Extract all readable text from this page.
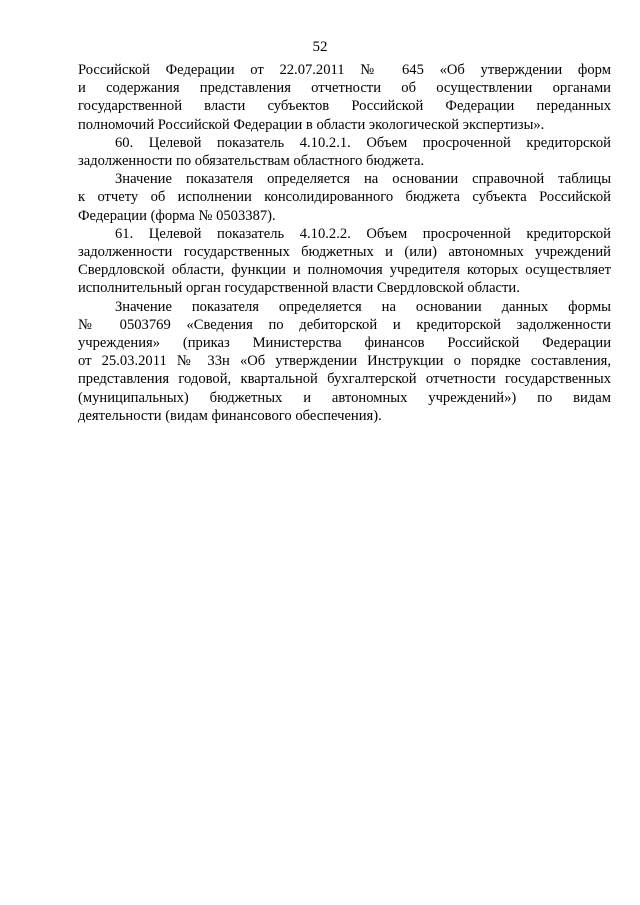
52

Российской Федерации от 22.07.2011 № 645 «Об утверждении форм
и содержания представления отчетности об осуществлении органами
государственной власти субъектов Российской Федерации переданных
полномочий Российской Федерации в области экологической экспертизы».

60. Целевой показатель 4.10.2.1. Объем просроченной кредиторской
задолженности по обязательствам областного бюджета.

Значение показателя определяется на основании справочной таблицы
к отчету об исполнении консолидированного бюджета субъекта Российской
Федерации (форма № 0503387).

61. Целевой показатель 4.10.2.2. Объем просроченной кредиторской
задолженности государственных бюджетных и (или) автономных учреждений
Свердловской области, функции и полномочия учредителя которых осуществляет
исполнительный орган государственной власти Свердловской области.

Значение показателя определяется на основании данных формы
№ 0503769 «Сведения по дебиторской и кредиторской задолженности
учреждения» (приказ Министерства финансов Российской Федерации
от 25.03.2011 № 33н «Об утверждении Инструкции о порядке составления,
представления годовой, квартальной бухгалтерской отчетности государственных
(муниципальных) бюджетных и автономных учреждений») по видам
деятельности (видам финансового обеспечения).
